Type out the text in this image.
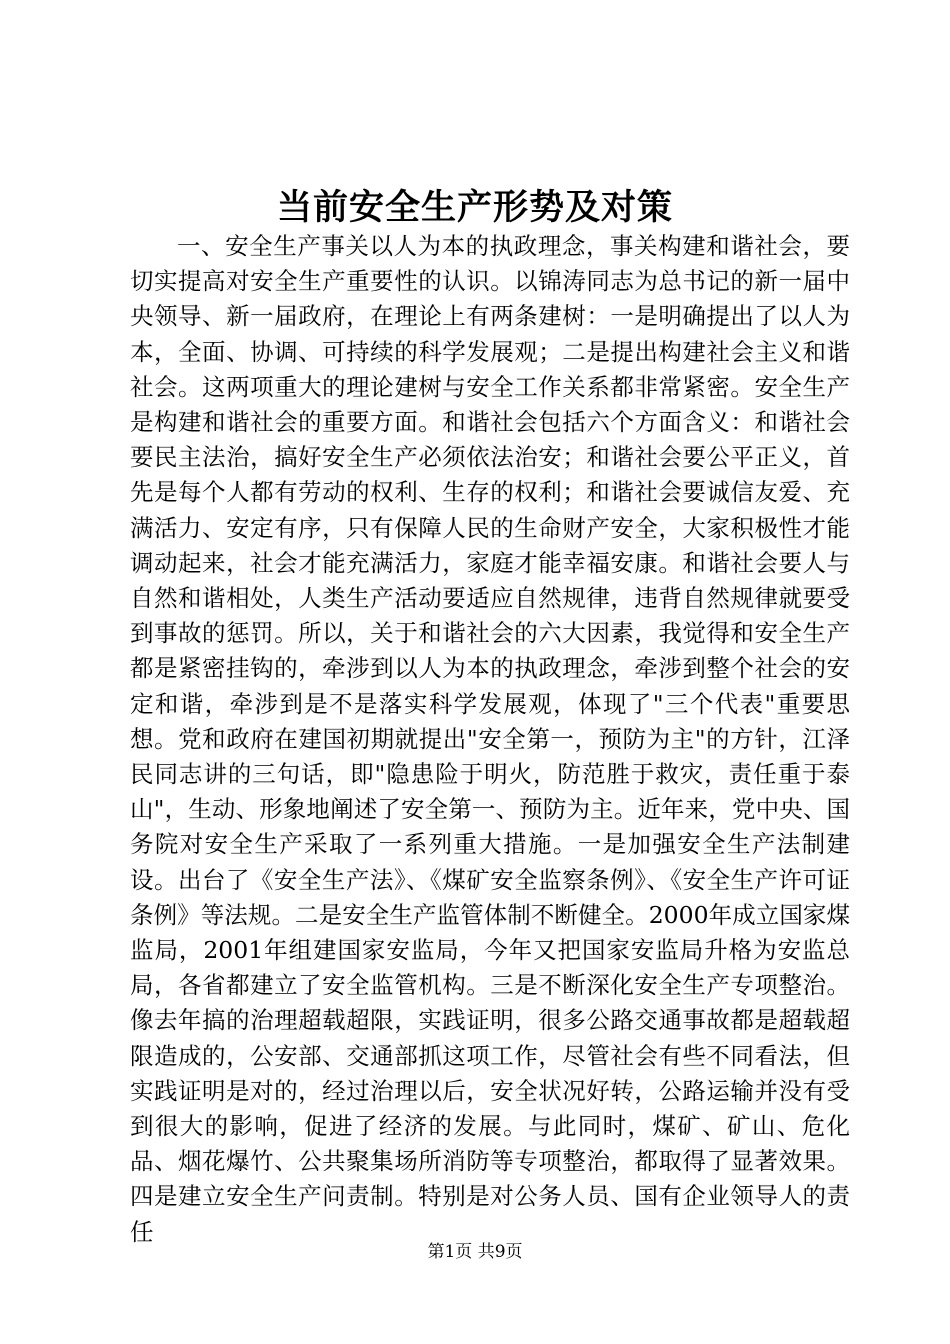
当前安全生产形势及对策

一、安全生产事关以人为本的执政理念，事关构建和谐社会，要切实提高对安全生产重要性的认识。以锦涛同志为总书记的新一届中央领导、新一届政府，在理论上有两条建树：一是明确提出了以人为本，全面、协调、可持续的科学发展观；二是提出构建社会主义和谐社会。这两项重大的理论建树与安全工作关系都非常紧密。安全生产是构建和谐社会的重要方面。和谐社会包括六个方面含义：和谐社会要民主法治，搞好安全生产必须依法治安；和谐社会要公平正义，首先是每个人都有劳动的权利、生存的权利；和谐社会要诚信友爱、充满活力、安定有序，只有保障人民的生命财产安全，大家积极性才能调动起来，社会才能充满活力，家庭才能幸福安康。和谐社会要人与自然和谐相处，人类生产活动要适应自然规律，违背自然规律就要受到事故的惩罚。所以，关于和谐社会的六大因素，我觉得和安全生产都是紧密挂钩的，牵涉到以人为本的执政理念，牵涉到整个社会的安定和谐，牵涉到是不是落实科学发展观，体现了"三个代表"重要思想。党和政府在建国初期就提出"安全第一，预防为主"的方针，江泽民同志讲的三句话，即"隐患险于明火，防范胜于救灾，责任重于泰山"，生动、形象地阐述了安全第一、预防为主。近年来，党中央、国务院对安全生产采取了一系列重大措施。一是加强安全生产法制建设。出台了《安全生产法》、《煤矿安全监察条例》、《安全生产许可证条例》等法规。二是安全生产监管体制不断健全。2000年成立国家煤监局，2001年组建国家安监局，今年又把国家安监局升格为安监总局，各省都建立了安全监管机构。三是不断深化安全生产专项整治。像去年搞的治理超载超限，实践证明，很多公路交通事故都是超载超限造成的，公安部、交通部抓这项工作，尽管社会有些不同看法，但实践证明是对的，经过治理以后，安全状况好转，公路运输并没有受到很大的影响，促进了经济的发展。与此同时，煤矿、矿山、危化品、烟花爆竹、公共聚集场所消防等专项整治，都取得了显著效果。四是建立安全生产问责制。特别是对公务人员、国有企业领导人的责任

第1页 共9页
